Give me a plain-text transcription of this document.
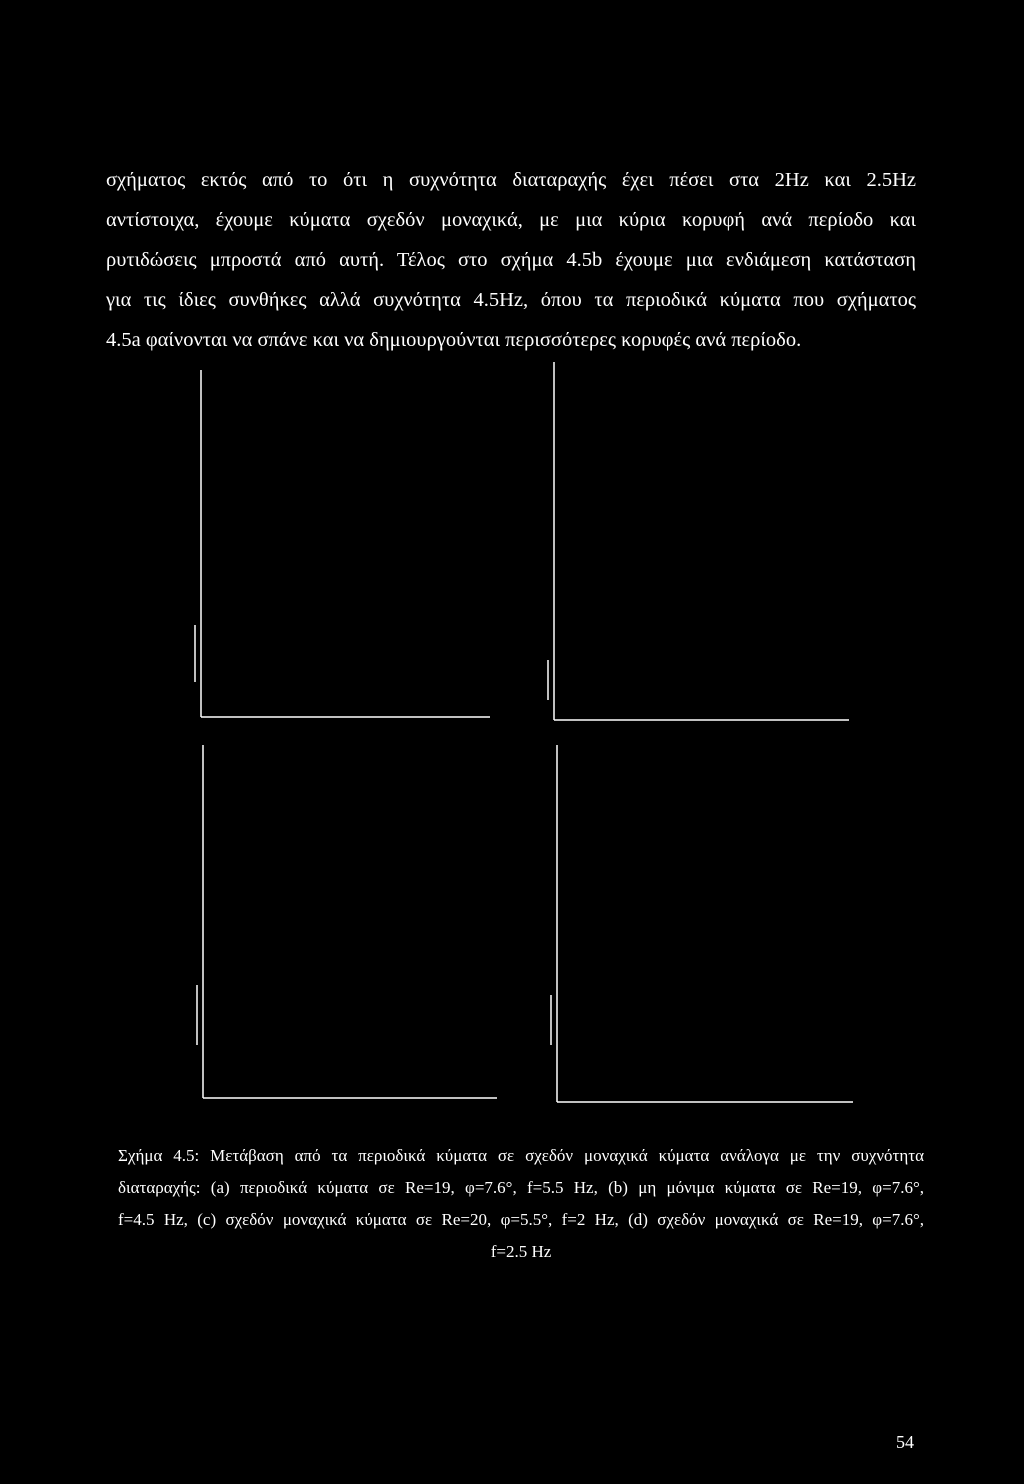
σχήματος εκτός από το ότι η συχνότητα διαταραχής έχει πέσει στα 2Hz και 2.5Hz
αντίστοιχα, έχουμε κύματα σχεδόν μοναχικά, με μια κύρια κορυφή ανά περίοδο και
ρυτιδώσεις μπροστά από αυτή. Τέλος στο σχήμα 4.5b έχουμε μια ενδιάμεση κατάσταση
για τις ίδιες συνθήκες αλλά συχνότητα 4.5Hz, όπου τα περιοδικά κύματα που σχήματος
4.5a φαίνονται να σπάνε και να δημιουργούνται περισσότερες κορυφές ανά περίοδο.
Σχήμα 4.5: Μετάβαση από τα περιοδικά κύματα σε σχεδόν μοναχικά κύματα ανάλογα με την συχνότητα
διαταραχής: (a) περιοδικά κύματα σε Re=19, φ=7.6°, f=5.5 Hz, (b) μη μόνιμα κύματα σε Re=19, φ=7.6°,
f=4.5 Hz, (c) σχεδόν μοναχικά κύματα σε Re=20, φ=5.5°, f=2 Hz, (d) σχεδόν μοναχικά σε Re=19, φ=7.6°,
f=2.5 Hz
54
